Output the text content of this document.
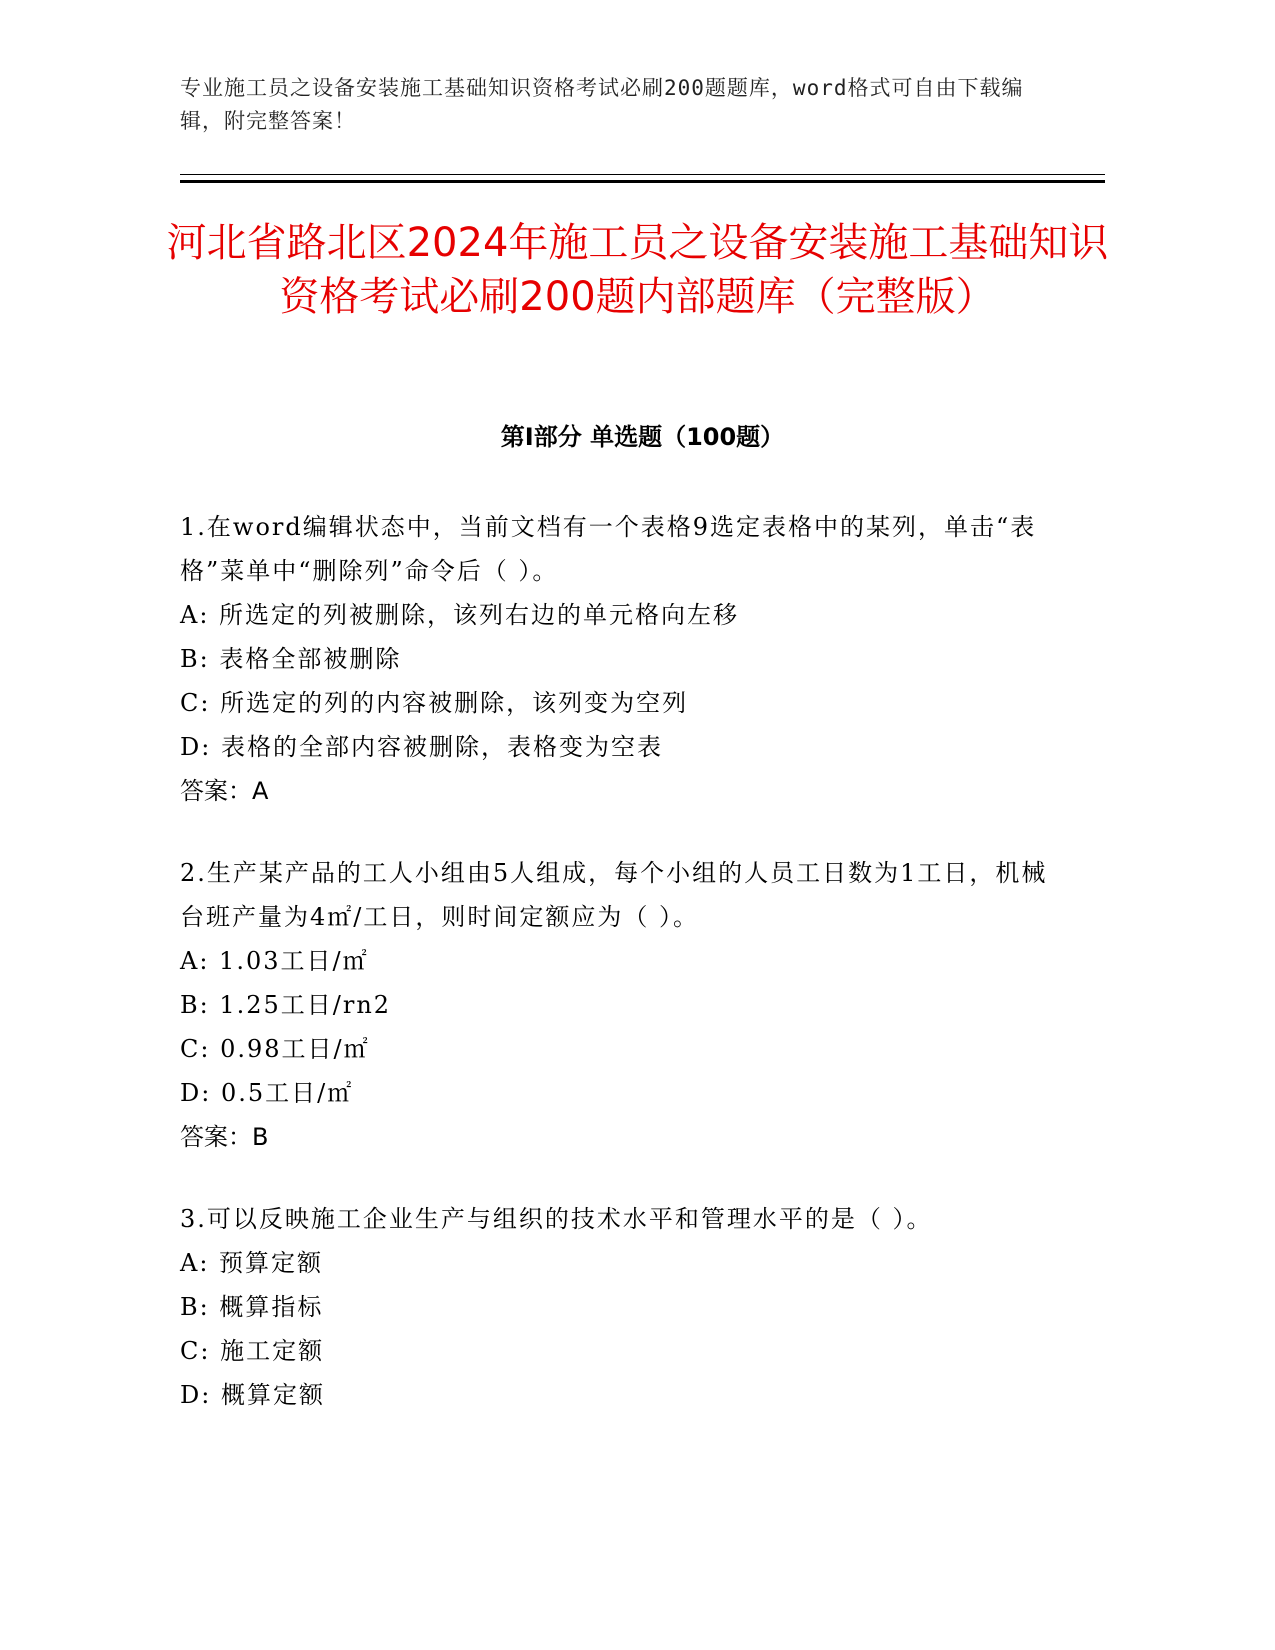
专业施工员之设备安装施工基础知识资格考试必刷200题题库，word格式可自由下载编辑，附完整答案！
河北省路北区2024年施工员之设备安装施工基础知识资格考试必刷200题内部题库（完整版）
第I部分 单选题（100题）

1.在word编辑状态中，当前文档有一个表格9选定表格中的某列，单击“表格”菜单中“删除列”命令后（ ）。

A: 所选定的列被删除，该列右边的单元格向左移

B: 表格全部被删除

C: 所选定的列的内容被删除，该列变为空列

D: 表格的全部内容被删除，表格变为空表

答案：A

2.生产某产品的工人小组由5人组成，每个小组的人员工日数为1工日，机械台班产量为4㎡/工日，则时间定额应为（ ）。

A: 1.03工日/㎡

B: 1.25工日/rn2

C: 0.98工日/㎡

D: 0.5工日/㎡

答案：B

3.可以反映施工企业生产与组织的技术水平和管理水平的是（ ）。

A: 预算定额

B: 概算指标

C: 施工定额

D: 概算定额
